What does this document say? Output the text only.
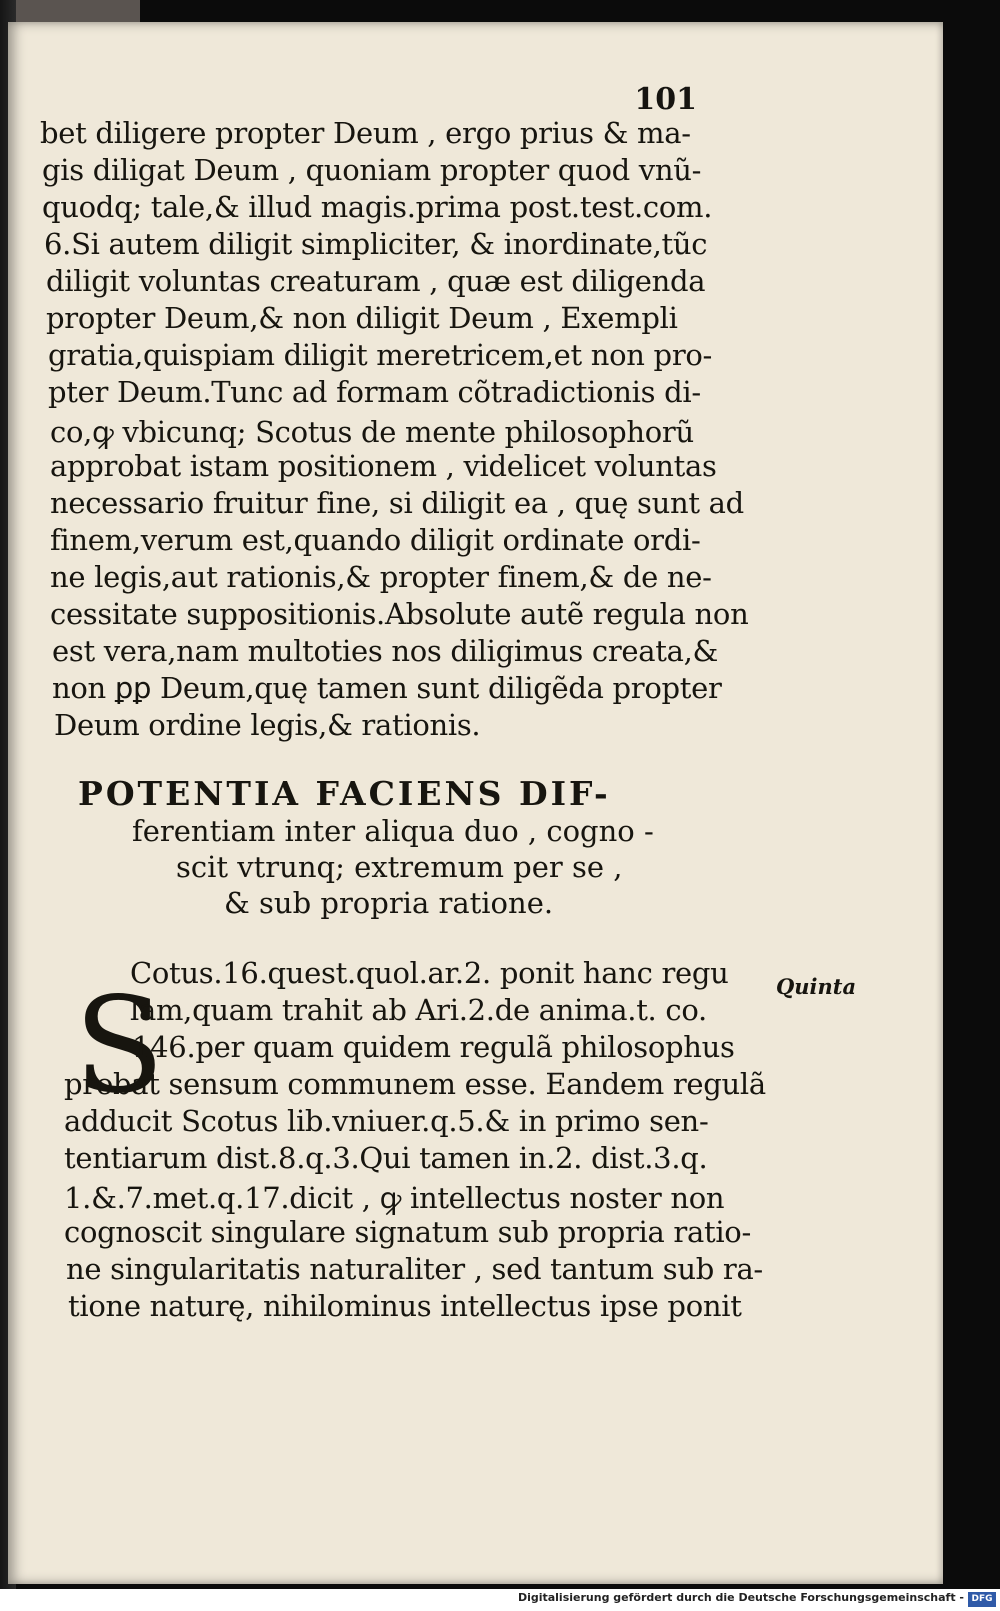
101
bet diligere propter Deum , ergo prius & ma-
gis diligat Deum , quoniam propter quod vnũ-
quodq; tale,& illud magis.prima post.test.com.
6.Si autem diligit simpliciter, & inordinate,tũc
diligit voluntas creaturam , quæ est diligenda
propter Deum,& non diligit Deum , Exempli
gratia,quispiam diligit meretricem,et non pro-
pter Deum.Tunc ad formam cõtradictionis di-
co,ꝙ vbicunq; Scotus de mente philosophorũ
approbat istam positionem , videlicet voluntas
necessario fruitur fine, si diligit ea , quę sunt ad
finem,verum est,quando diligit ordinate ordi-
ne legis,aut rationis,& propter finem,& de ne-
cessitate suppositionis.Absolute autẽ regula non
est vera,nam multoties nos diligimus creata,&
non ꝑꝑ Deum,quę tamen sunt diligẽda propter
Deum ordine legis,& rationis.
POTENTIA FACIENS DIF-
ferentiam inter aliqua duo , cogno -
scit vtrunq; extremum per se ,
& sub propria ratione.
S	Quinta
Cotus.16.quest.quol.ar.2. ponit hanc regu
lam,quam trahit ab Ari.2.de anima.t. co.
146.per quam quidem regulã philosophus
probat sensum communem esse. Eandem regulã
adducit Scotus lib.vniuer.q.5.& in primo sen-
tentiarum dist.8.q.3.Qui tamen in.2. dist.3.q.
1.&.7.met.q.17.dicit , ꝙ intellectus noster non
cognoscit singulare signatum sub propria ratio-
ne singularitatis naturaliter , sed tantum sub ra-
tione naturę, nihilominus intellectus ipse ponit
Digitalisierung gefördert durch die Deutsche Forschungsgemeinschaft - DFG
